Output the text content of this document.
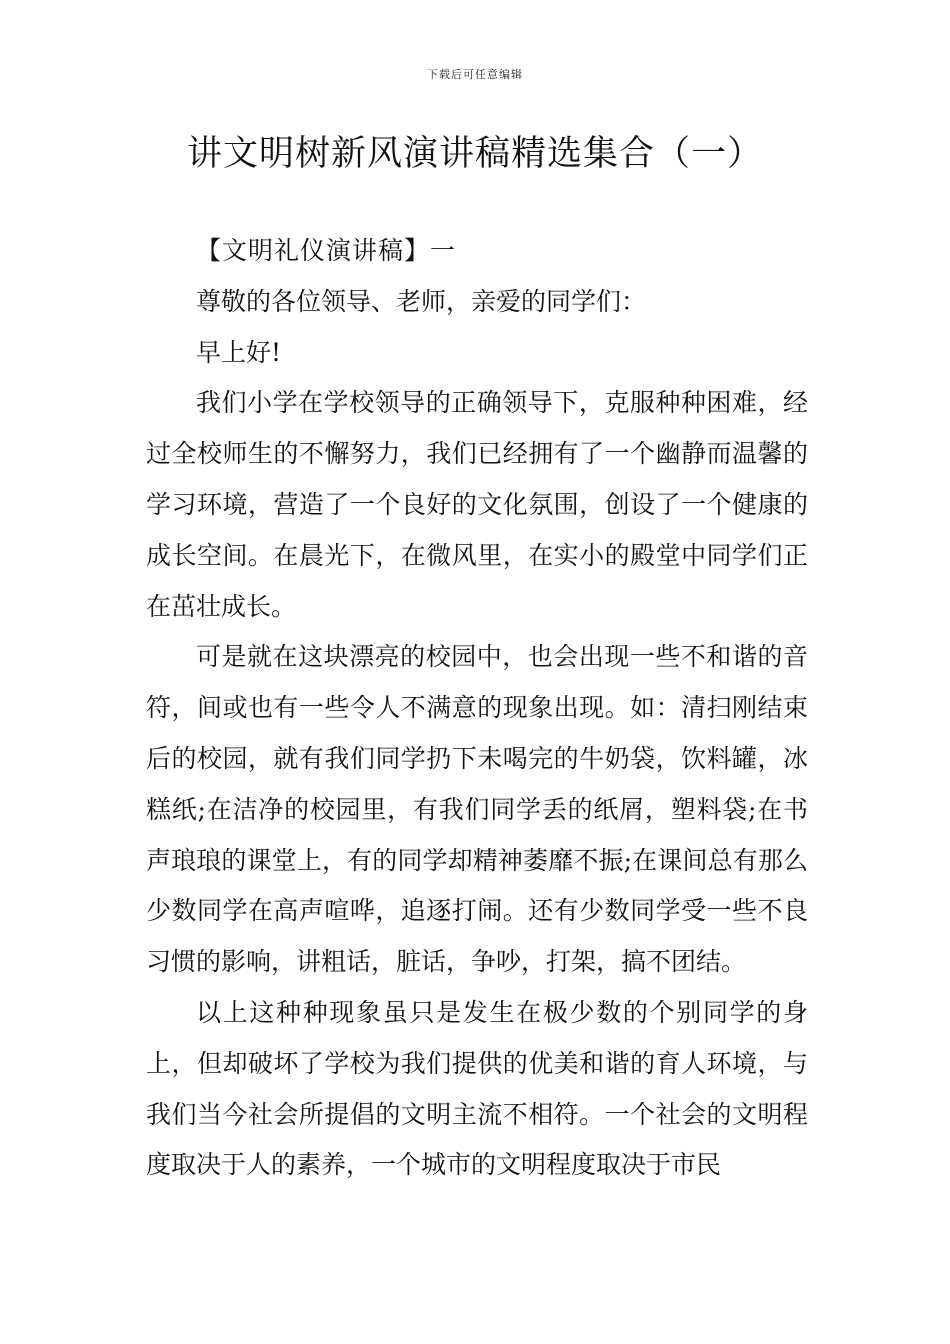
下载后可任意编辑
讲文明树新风演讲稿精选集合（一）

【文明礼仪演讲稿】一

尊敬的各位领导、老师，亲爱的同学们：

早上好!

我们小学在学校领导的正确领导下，克服种种困难，经过全校师生的不懈努力，我们已经拥有了一个幽静而温馨的学习环境，营造了一个良好的文化氛围，创设了一个健康的成长空间。在晨光下，在微风里，在实小的殿堂中同学们正在茁壮成长。

可是就在这块漂亮的校园中，也会出现一些不和谐的音符，间或也有一些令人不满意的现象出现。如：清扫刚结束后的校园，就有我们同学扔下未喝完的牛奶袋，饮料罐，冰糕纸;在洁净的校园里，有我们同学丢的纸屑，塑料袋;在书声琅琅的课堂上，有的同学却精神萎靡不振;在课间总有那么少数同学在高声喧哗，追逐打闹。还有少数同学受一些不良习惯的影响，讲粗话，脏话，争吵，打架，搞不团结。

以上这种种现象虽只是发生在极少数的个别同学的身上，但却破坏了学校为我们提供的优美和谐的育人环境，与我们当今社会所提倡的文明主流不相符。一个社会的文明程度取决于人的素养，一个城市的文明程度取决于市民
